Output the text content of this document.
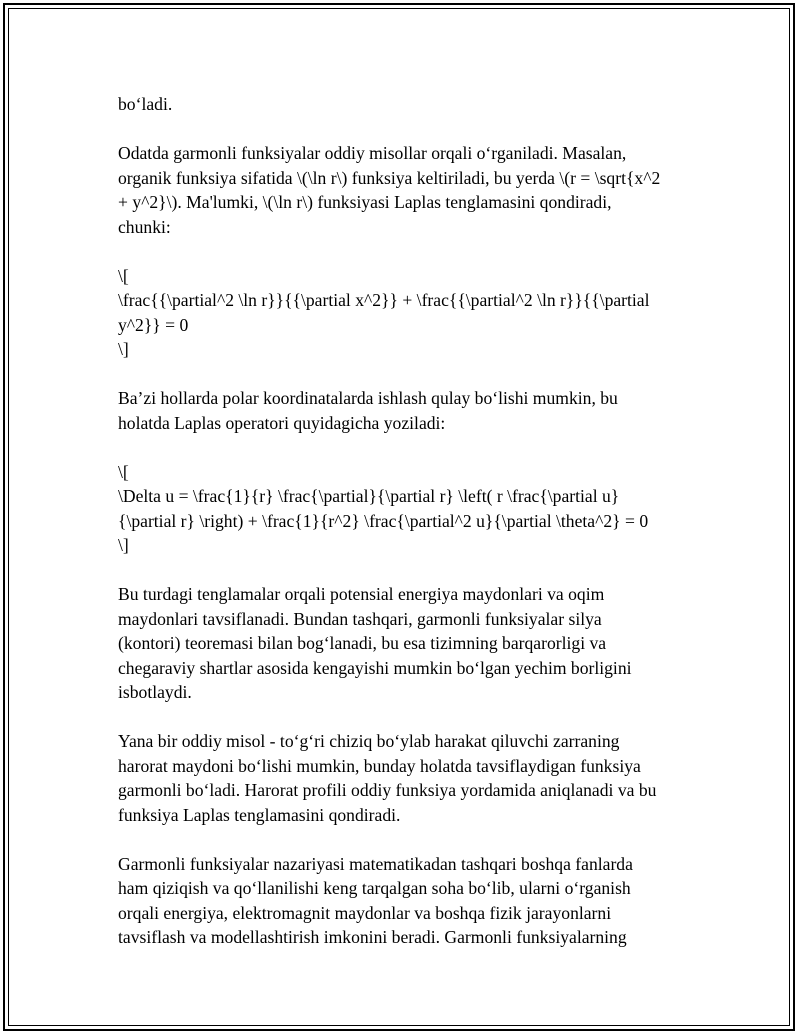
bo‘ladi.
Odatda garmonli funksiyalar oddiy misollar orqali o‘rganiladi. Masalan,
organik funksiya sifatida \(\ln r\) funksiya keltiriladi, bu yerda \(r = \sqrt{x^2
+ y^2}\). Ma'lumki, \(\ln r\) funksiyasi Laplas tenglamasini qondiradi,
chunki:
\[
\frac{{\partial^2 \ln r}}{{\partial x^2}} + \frac{{\partial^2 \ln r}}{{\partial
y^2}} = 0
\]
Ba’zi hollarda polar koordinatalarda ishlash qulay bo‘lishi mumkin, bu
holatda Laplas operatori quyidagicha yoziladi:
\[
\Delta u = \frac{1}{r} \frac{\partial}{\partial r} \left( r \frac{\partial u}
{\partial r} \right) + \frac{1}{r^2} \frac{\partial^2 u}{\partial \theta^2} = 0
\]
Bu turdagi tenglamalar orqali potensial energiya maydonlari va oqim
maydonlari tavsiflanadi. Bundan tashqari, garmonli funksiyalar silya
(kontori) teoremasi bilan bog‘lanadi, bu esa tizimning barqarorligi va
chegaraviy shartlar asosida kengayishi mumkin bo‘lgan yechim borligini
isbotlaydi.
Yana bir oddiy misol - to‘g‘ri chiziq bo‘ylab harakat qiluvchi zarraning
harorat maydoni bo‘lishi mumkin, bunday holatda tavsiflaydigan funksiya
garmonli bo‘ladi. Harorat profili oddiy funksiya yordamida aniqlanadi va bu
funksiya Laplas tenglamasini qondiradi.
Garmonli funksiyalar nazariyasi matematikadan tashqari boshqa fanlarda
ham qiziqish va qo‘llanilishi keng tarqalgan soha bo‘lib, ularni o‘rganish
orqali energiya, elektromagnit maydonlar va boshqa fizik jarayonlarni
tavsiflash va modellashtirish imkonini beradi. Garmonli funksiyalarning
